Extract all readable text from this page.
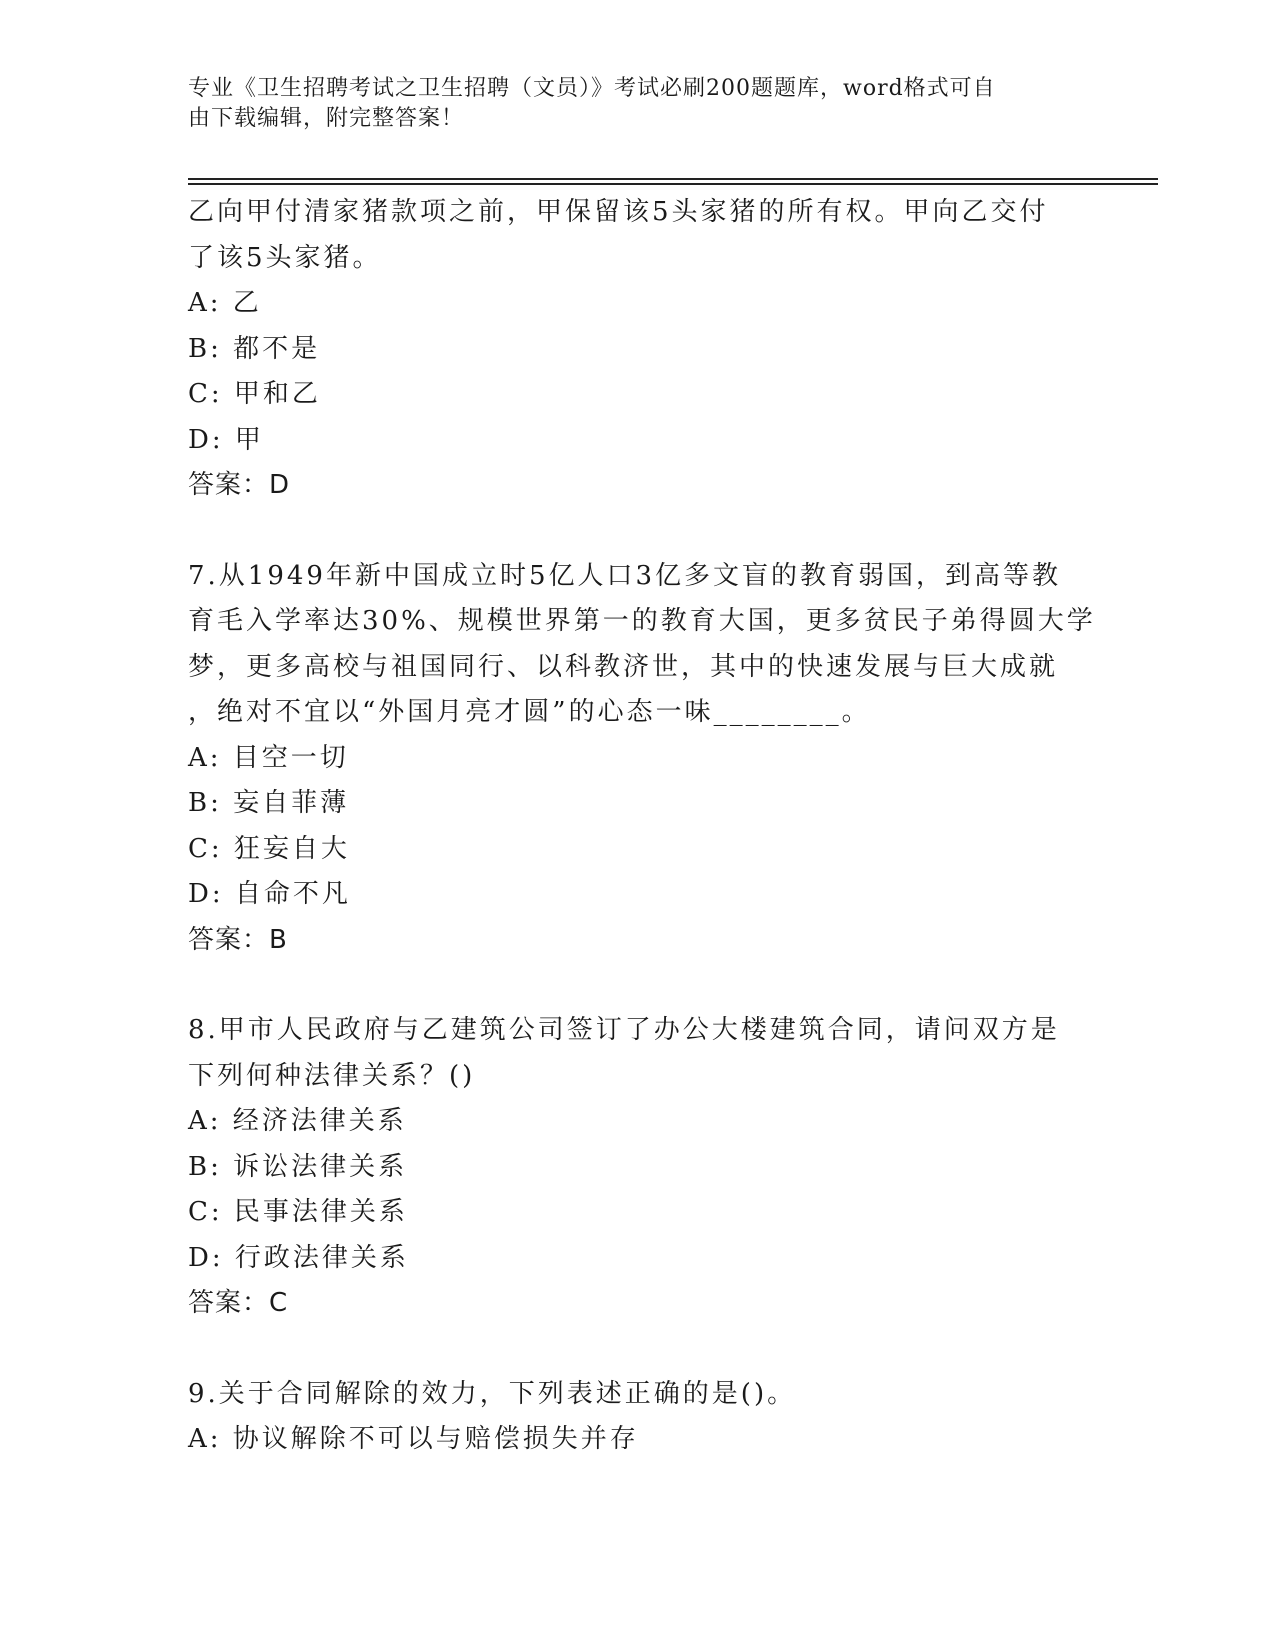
专业《卫生招聘考试之卫生招聘（文员）》考试必刷200题题库，word格式可自
由下载编辑，附完整答案！
乙向甲付清家猪款项之前，甲保留该5头家猪的所有权。甲向乙交付
了该5头家猪。
A: 乙
B: 都不是
C: 甲和乙
D: 甲
答案：D
7.从1949年新中国成立时5亿人口3亿多文盲的教育弱国，到高等教
育毛入学率达30%、规模世界第一的教育大国，更多贫民子弟得圆大学
梦，更多高校与祖国同行、以科教济世，其中的快速发展与巨大成就
，绝对不宜以“外国月亮才圆”的心态一味________。
A: 目空一切
B: 妄自菲薄
C: 狂妄自大
D: 自命不凡
答案：B
8.甲市人民政府与乙建筑公司签订了办公大楼建筑合同，请问双方是
下列何种法律关系？()
A: 经济法律关系
B: 诉讼法律关系
C: 民事法律关系
D: 行政法律关系
答案：C
9.关于合同解除的效力，下列表述正确的是()。
A: 协议解除不可以与赔偿损失并存
